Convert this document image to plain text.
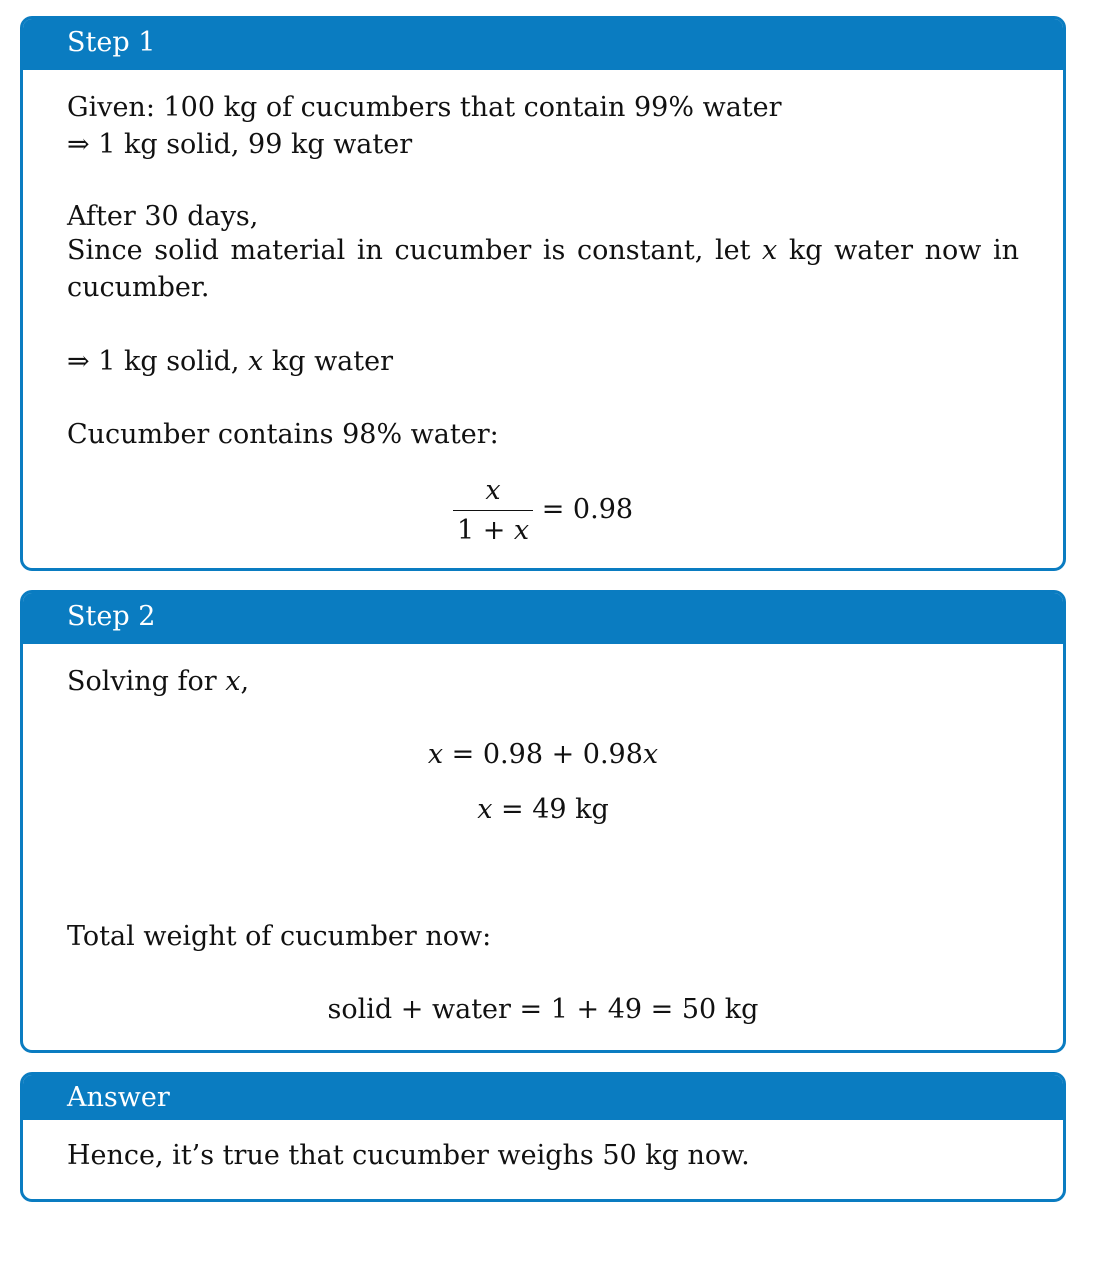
Step 1
Given: 100 kg of cucumbers that contain 99% water
⇒ 1 kg solid, 99 kg water
After 30 days,
Since solid material in cucumber is constant, let x kg water now in cucumber.
⇒ 1 kg solid, x kg water
Cucumber contains 98% water:
$\frac{x}{1 + x} = 0.98$
Step 2
Solving for x,
x = 0.98 + 0.98x
x = 49 kg
Total weight of cucumber now:
solid + water = 1 + 49 = 50 kg
Answer
Hence, it’s true that cucumber weighs 50 kg now.
